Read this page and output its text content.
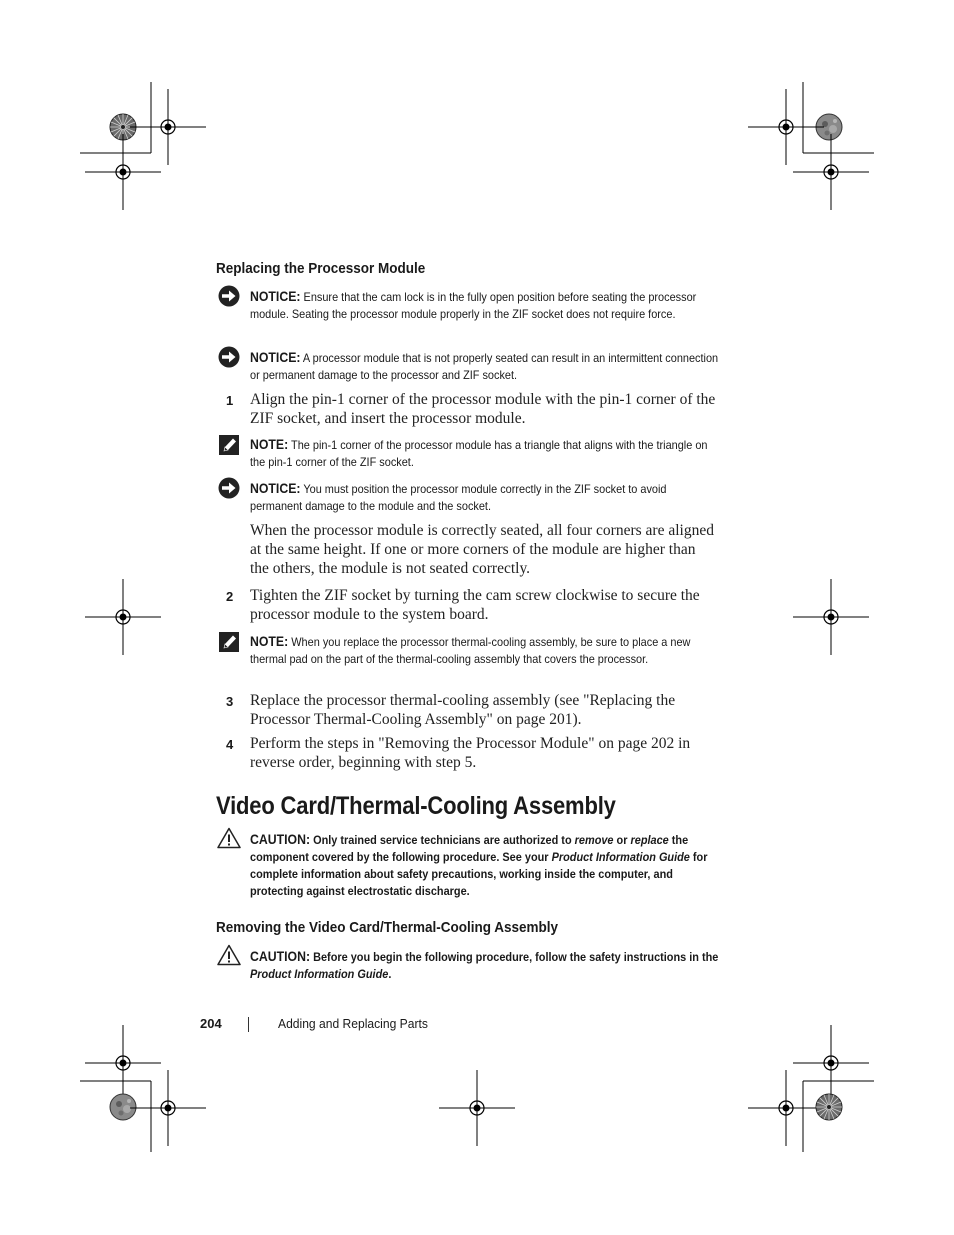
Replacing the Processor Module
NOTICE: Ensure that the cam lock is in the fully open position before seating the processor module. Seating the processor module properly in the ZIF socket does not require force.
NOTICE: A processor module that is not properly seated can result in an intermittent connection or permanent damage to the processor and ZIF socket.
1 Align the pin-1 corner of the processor module with the pin-1 corner of the ZIF socket, and insert the processor module.
NOTE: The pin-1 corner of the processor module has a triangle that aligns with the triangle on the pin-1 corner of the ZIF socket.
NOTICE: You must position the processor module correctly in the ZIF socket to avoid permanent damage to the module and the socket.
When the processor module is correctly seated, all four corners are aligned at the same height. If one or more corners of the module are higher than the others, the module is not seated correctly.
2 Tighten the ZIF socket by turning the cam screw clockwise to secure the processor module to the system board.
NOTE: When you replace the processor thermal-cooling assembly, be sure to place a new thermal pad on the part of the thermal-cooling assembly that covers the processor.
3 Replace the processor thermal-cooling assembly (see "Replacing the Processor Thermal-Cooling Assembly" on page 201).
4 Perform the steps in "Removing the Processor Module" on page 202 in reverse order, beginning with step 5.
Video Card/Thermal-Cooling Assembly
CAUTION: Only trained service technicians are authorized to remove or replace the component covered by the following procedure. See your Product Information Guide for complete information about safety precautions, working inside the computer, and protecting against electrostatic discharge.
Removing the Video Card/Thermal-Cooling Assembly
CAUTION: Before you begin the following procedure, follow the safety instructions in the Product Information Guide.
204	Adding and Replacing Parts
